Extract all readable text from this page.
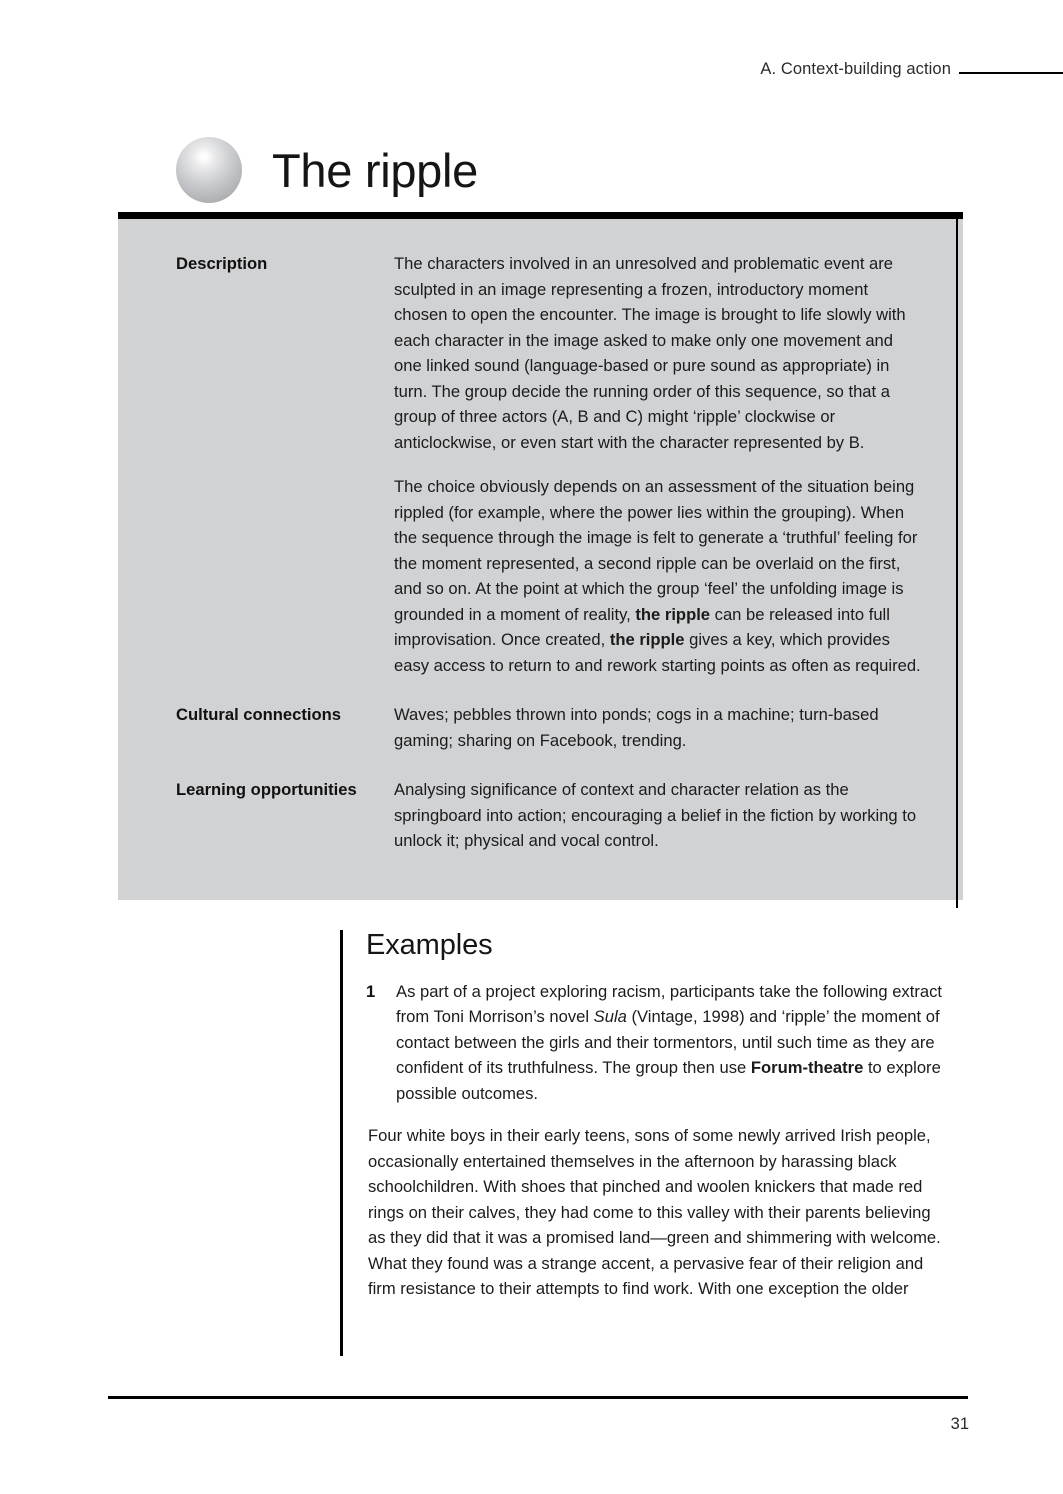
A. Context-building action
The ripple
Description	The characters involved in an unresolved and problematic event are sculpted in an image representing a frozen, introductory moment chosen to open the encounter. The image is brought to life slowly with each character in the image asked to make only one movement and one linked sound (language-based or pure sound as appropriate) in turn. The group decide the running order of this sequence, so that a group of three actors (A, B and C) might ‘ripple’ clockwise or anticlockwise, or even start with the character represented by B.

The choice obviously depends on an assessment of the situation being rippled (for example, where the power lies within the grouping). When the sequence through the image is felt to generate a ‘truthful’ feeling for the moment represented, a second ripple can be overlaid on the first, and so on. At the point at which the group ‘feel’ the unfolding image is grounded in a moment of reality, the ripple can be released into full improvisation. Once created, the ripple gives a key, which provides easy access to return to and rework starting points as often as required.

Cultural connections	Waves; pebbles thrown into ponds; cogs in a machine; turn-based gaming; sharing on Facebook, trending.

Learning opportunities	Analysing significance of context and character relation as the springboard into action; encouraging a belief in the fiction by working to unlock it; physical and vocal control.

Examples
1	As part of a project exploring racism, participants take the following extract from Toni Morrison’s novel Sula (Vintage, 1998) and ‘ripple’ the moment of contact between the girls and their tormentors, until such time as they are confident of its truthfulness. The group then use Forum-theatre to explore possible outcomes.

Four white boys in their early teens, sons of some newly arrived Irish people, occasionally entertained themselves in the afternoon by harassing black schoolchildren. With shoes that pinched and woolen knickers that made red rings on their calves, they had come to this valley with their parents believing as they did that it was a promised land—green and shimmering with welcome. What they found was a strange accent, a pervasive fear of their religion and firm resistance to their attempts to find work. With one exception the older
31
